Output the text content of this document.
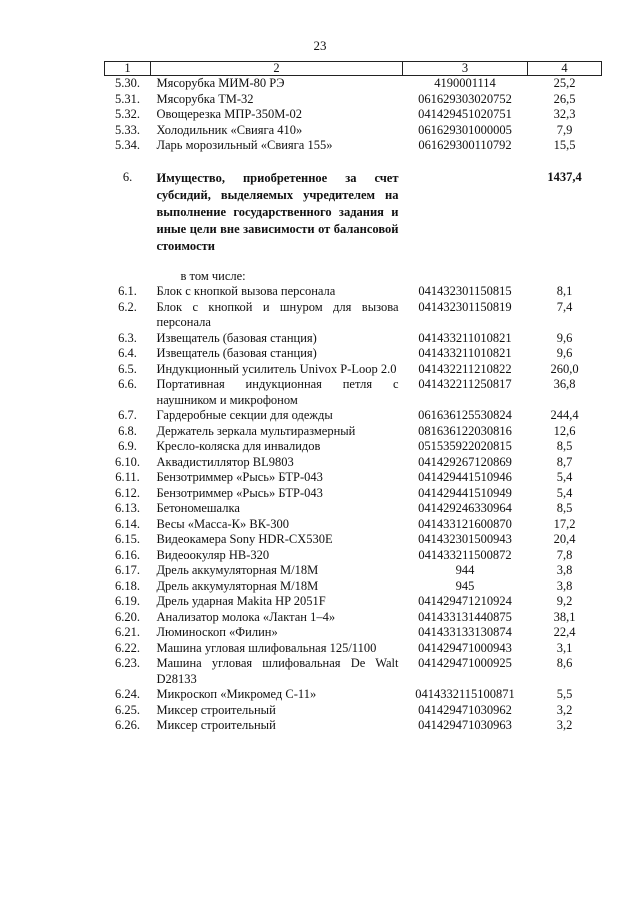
23
1	2	3	4
5.30.	Мясорубка МИМ-80 РЭ	4190001114	25,2
5.31.	Мясорубка ТМ-32	061629303020752	26,5
5.32.	Овощерезка МПР-350М-02	041429451020751	32,3
5.33.	Холодильник «Свияга 410»	061629301000005	7,9
5.34.	Ларь морозильный «Свияга 155»	061629300110792	15,5
6.	Имущество, приобретенное за счет субсидий, выделяемых учредителем на выполнение государственного задания и иные цели вне зависимости от балансовой стоимости		1437,4
	в том числе:		
6.1.	Блок с кнопкой вызова персонала	041432301150815	8,1
6.2.	Блок с кнопкой и шнуром для вызова персонала	041432301150819	7,4
6.3.	Извещатель (базовая станция)	041433211010821	9,6
6.4.	Извещатель (базовая станция)	041433211010821	9,6
6.5.	Индукционный усилитель Univox P-Loop 2.0	041432211210822	260,0
6.6.	Портативная индукционная петля с наушником и микрофоном	041432211250817	36,8
6.7.	Гардеробные секции для одежды	061636125530824	244,4
6.8.	Держатель зеркала мультиразмерный	081636122030816	12,6
6.9.	Кресло-коляска для инвалидов	051535922020815	8,5
6.10.	Аквадистиллятор BL9803	041429267120869	8,7
6.11.	Бензотриммер «Рысь» БТР-043	041429441510946	5,4
6.12.	Бензотриммер «Рысь» БТР-043	041429441510949	5,4
6.13.	Бетономешалка	041429246330964	8,5
6.14.	Весы «Масса-К» ВК-300	041433121600870	17,2
6.15.	Видеокамера Sony HDR-CX530E	041432301500943	20,4
6.16.	Видеоокуляр HB-320	041433211500872	7,8
6.17.	Дрель аккумуляторная М/18М	944	3,8
6.18.	Дрель аккумуляторная М/18М	945	3,8
6.19.	Дрель ударная Makita HP 2051F	041429471210924	9,2
6.20.	Анализатор молока «Лактан 1–4»	041433131440875	38,1
6.21.	Люминоскоп «Филин»	041433133130874	22,4
6.22.	Машина угловая шлифовальная 125/1100	041429471000943	3,1
6.23.	Машина угловая шлифовальная De Walt D28133	041429471000925	8,6
6.24.	Микроскоп «Микромед С-11»	0414332115100871	5,5
6.25.	Миксер строительный	041429471030962	3,2
6.26.	Миксер строительный	041429471030963	3,2
